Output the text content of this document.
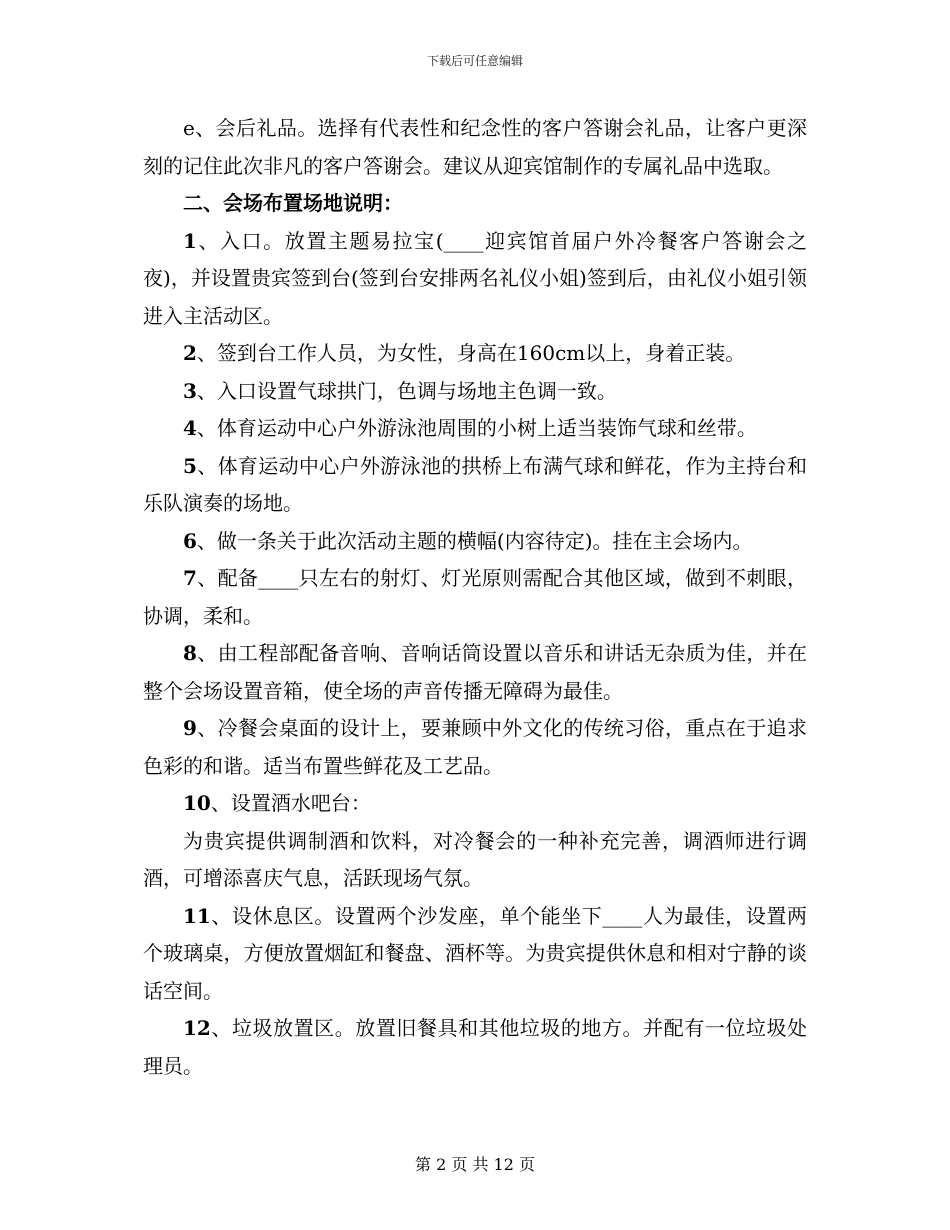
下载后可任意编辑

e、会后礼品。选择有代表性和纪念性的客户答谢会礼品，让客户更深刻的记住此次非凡的客户答谢会。建议从迎宾馆制作的专属礼品中选取。

二、会场布置场地说明：

1、入口。放置主题易拉宝(____迎宾馆首届户外冷餐客户答谢会之夜)，并设置贵宾签到台(签到台安排两名礼仪小姐)签到后，由礼仪小姐引领进入主活动区。

2、签到台工作人员，为女性，身高在160cm以上，身着正装。

3、入口设置气球拱门，色调与场地主色调一致。

4、体育运动中心户外游泳池周围的小树上适当装饰气球和丝带。

5、体育运动中心户外游泳池的拱桥上布满气球和鲜花，作为主持台和乐队演奏的场地。

6、做一条关于此次活动主题的横幅(内容待定)。挂在主会场内。

7、配备____只左右的射灯、灯光原则需配合其他区域，做到不刺眼，协调，柔和。

8、由工程部配备音响、音响话筒设置以音乐和讲话无杂质为佳，并在整个会场设置音箱，使全场的声音传播无障碍为最佳。

9、冷餐会桌面的设计上，要兼顾中外文化的传统习俗，重点在于追求色彩的和谐。适当布置些鲜花及工艺品。

10、设置酒水吧台：

为贵宾提供调制酒和饮料，对冷餐会的一种补充完善，调酒师进行调酒，可增添喜庆气息，活跃现场气氛。

11、设休息区。设置两个沙发座，单个能坐下____人为最佳，设置两个玻璃桌，方便放置烟缸和餐盘、酒杯等。为贵宾提供休息和相对宁静的谈话空间。

12、垃圾放置区。放置旧餐具和其他垃圾的地方。并配有一位垃圾处理员。

第 2 页 共 12 页
